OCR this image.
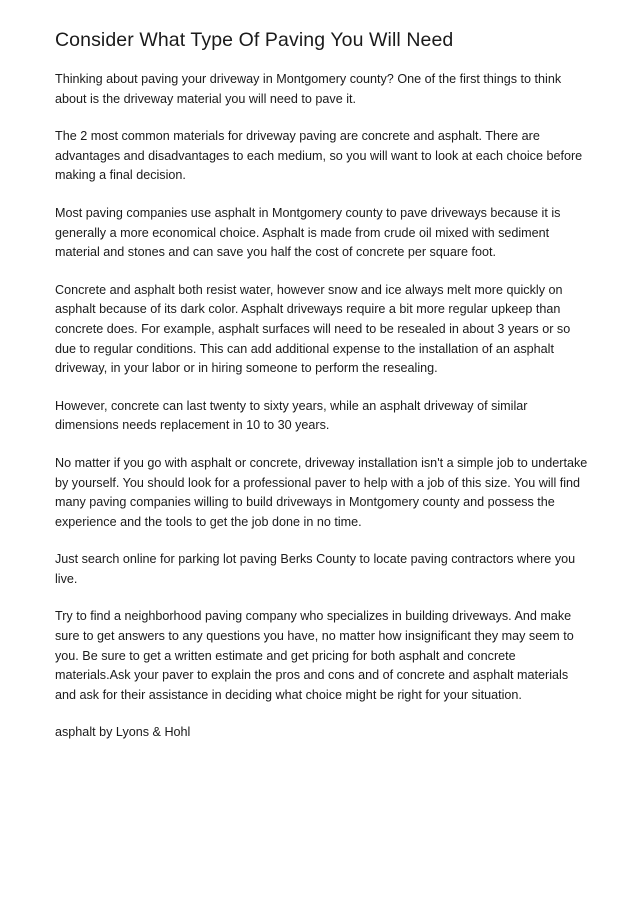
Consider What Type Of Paving You Will Need

Thinking about paving your driveway in Montgomery county? One of the first things to think about is the driveway material you will need to pave it.

The 2 most common materials for driveway paving are concrete and asphalt. There are advantages and disadvantages to each medium, so you will want to look at each choice before making a final decision.

Most paving companies use asphalt in Montgomery county to pave driveways because it is generally a more economical choice. Asphalt is made from crude oil mixed with sediment material and stones and can save you half the cost of concrete per square foot.

Concrete and asphalt both resist water, however snow and ice always melt more quickly on asphalt because of its dark color. Asphalt driveways require a bit more regular upkeep than concrete does. For example, asphalt surfaces will need to be resealed in about 3 years or so due to regular conditions. This can add additional expense to the installation of an asphalt driveway, in your labor or in hiring someone to perform the resealing.

However, concrete can last twenty to sixty years, while an asphalt driveway of similar dimensions needs replacement in 10 to 30 years.

No matter if you go with asphalt or concrete, driveway installation isn't a simple job to undertake by yourself. You should look for a professional paver to help with a job of this size. You will find many paving companies willing to build driveways in Montgomery county and possess the experience and the tools to get the job done in no time.

Just search online for parking lot paving Berks County to locate paving contractors where you live.

Try to find a neighborhood paving company who specializes in building driveways. And make sure to get answers to any questions you have, no matter how insignificant they may seem to you. Be sure to get a written estimate and get pricing for both asphalt and concrete materials.Ask your paver to explain the pros and cons and of concrete and asphalt materials and ask for their assistance in deciding what choice might be right for your situation.

asphalt by Lyons & Hohl
